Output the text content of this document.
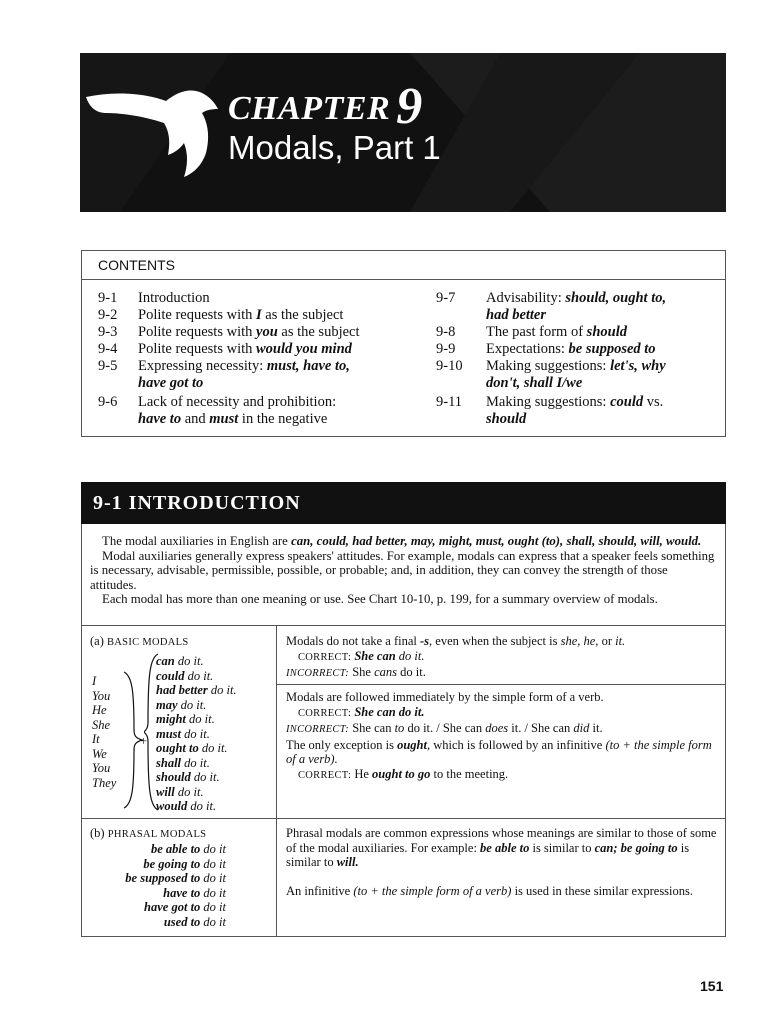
CHAPTER 9
Modals, Part 1
CONTENTS
9-1	Introduction
9-2	Polite requests with I as the subject
9-3	Polite requests with you as the subject
9-4	Polite requests with would you mind
9-5	Expressing necessity: must, have to,
have got to
9-6	Lack of necessity and prohibition:
have to and must in the negative
9-7	Advisability: should, ought to,
had better
9-8	The past form of should
9-9	Expectations: be supposed to
9-10	Making suggestions: let's, why
don't, shall I/we
9-11	Making suggestions: could vs.
should
9-1 INTRODUCTION

The modal auxiliaries in English are can, could, had better, may, might, must, ought (to), shall, should, will, would.

Modal auxiliaries generally express speakers' attitudes. For example, modals can express that a speaker feels something is necessary, advisable, permissible, possible, or probable; and, in addition, they can convey the strength of those attitudes.

Each modal has more than one meaning or use. See Chart 10-10, p. 199, for a summary overview of modals.

(a) BASIC MODALS
I
You
He
She
It
We
You
They
+
can do it.
could do it.
had better do it.
may do it.
might do it.
must do it.
ought to do it.
shall do it.
should do it.
will do it.
would do it.
Modals do not take a final -s, even when the subject is she, he, or it.
CORRECT: She can do it.
INCORRECT: She cans do it.
Modals are followed immediately by the simple form of a verb.
CORRECT: She can do it.
INCORRECT: She can to do it. / She can does it. / She can did it.
The only exception is ought, which is followed by an infinitive (to + the simple form of a verb).
CORRECT: He ought to go to the meeting.
(b) PHRASAL MODALS
be able to do it
be going to do it
be supposed to do it
have to do it
have got to do it
used to do it
Phrasal modals are common expressions whose meanings are similar to those of some of the modal auxiliaries. For example: be able to is similar to can; be going to is similar to will.
An infinitive (to + the simple form of a verb) is used in these similar expressions.
151
